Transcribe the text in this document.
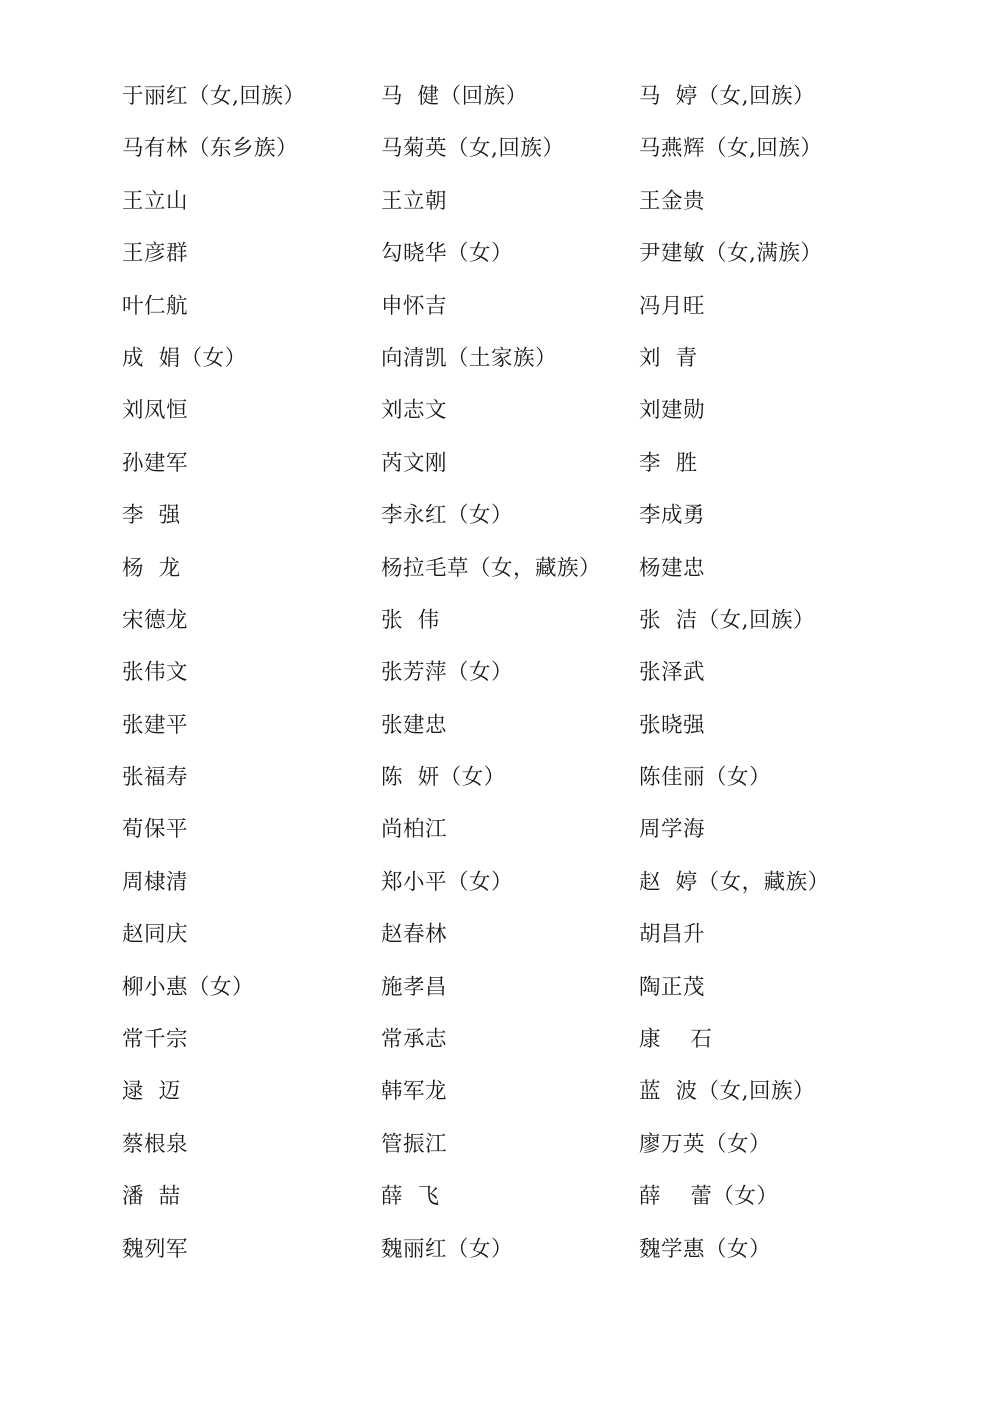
于丽红（女,回族）	马  健（回族）	马  婷（女,回族）
马有林（东乡族）	马菊英（女,回族）	马燕辉（女,回族）
王立山	王立朝	王金贵
王彦群	勾晓华（女）	尹建敏（女,满族）
叶仁航	申怀吉	冯月旺
成  娟（女）	向清凯（土家族）	刘  青
刘凤恒	刘志文	刘建勋
孙建军	芮文刚	李  胜
李  强	李永红（女）	李成勇
杨  龙	杨拉毛草（女，藏族） 杨建忠
宋德龙	张  伟	张  洁（女,回族）
张伟文	张芳萍（女）	张泽武
张建平	张建忠	张晓强
张福寿	陈  妍（女）	陈佳丽（女）
荀保平	尚柏江	周学海
周棣清	郑小平（女）	赵  婷（女，藏族）
赵同庆	赵春林	胡昌升
柳小惠（女）	施孝昌	陶正茂
常千宗	常承志	康    石
逯  迈	韩军龙	蓝  波（女,回族）
蔡根泉	管振江	廖万英（女）
潘  喆	薛  飞	薛    蕾（女）
魏列军	魏丽红（女）	魏学惠（女）
